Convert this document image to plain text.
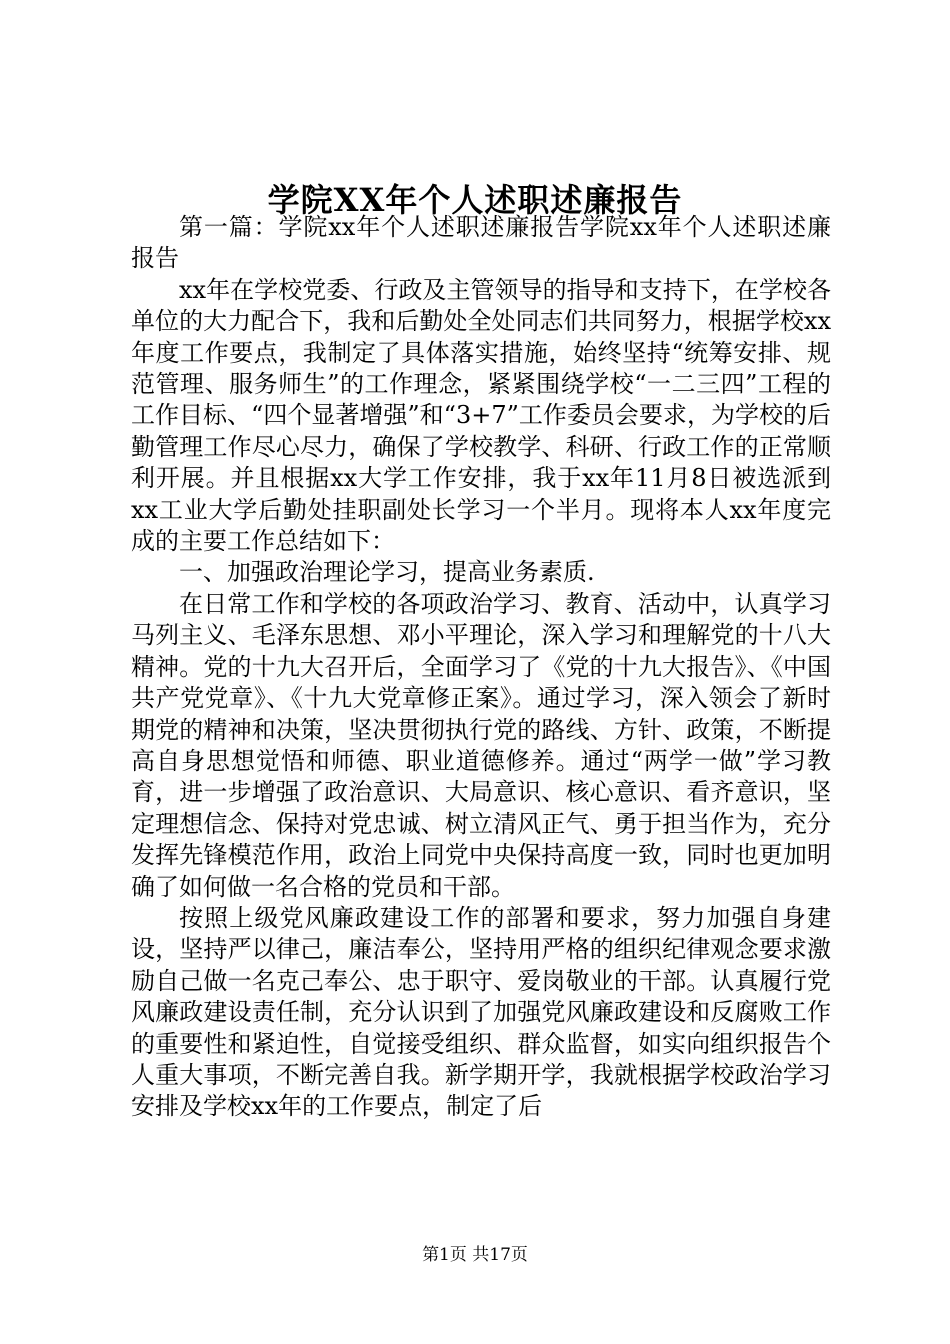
学院XX年个人述职述廉报告

第一篇：学院xx年个人述职述廉报告学院xx年个人述职述廉报告

xx年在学校党委、行政及主管领导的指导和支持下，在学校各单位的大力配合下，我和后勤处全处同志们共同努力，根据学校xx年度工作要点，我制定了具体落实措施，始终坚持“统筹安排、规范管理、服务师生”的工作理念，紧紧围绕学校“一二三四”工程的工作目标、“四个显著增强”和“3+7”工作委员会要求，为学校的后勤管理工作尽心尽力，确保了学校教学、科研、行政工作的正常顺利开展。并且根据xx大学工作安排，我于xx年11月8日被选派到xx工业大学后勤处挂职副处长学习一个半月。现将本人xx年度完成的主要工作总结如下：

一、加强政治理论学习，提高业务素质.

在日常工作和学校的各项政治学习、教育、活动中，认真学习马列主义、毛泽东思想、邓小平理论，深入学习和理解党的十八大精神。党的十九大召开后，全面学习了《党的十九大报告》、《中国共产党党章》、《十九大党章修正案》。通过学习，深入领会了新时期党的精神和决策，坚决贯彻执行党的路线、方针、政策，不断提高自身思想觉悟和师德、职业道德修养。通过“两学一做”学习教育，进一步增强了政治意识、大局意识、核心意识、看齐意识，坚定理想信念、保持对党忠诚、树立清风正气、勇于担当作为，充分发挥先锋模范作用，政治上同党中央保持高度一致，同时也更加明确了如何做一名合格的党员和干部。

按照上级党风廉政建设工作的部署和要求，努力加强自身建设，坚持严以律己，廉洁奉公，坚持用严格的组织纪律观念要求激励自己做一名克己奉公、忠于职守、爱岗敬业的干部。认真履行党风廉政建设责任制，充分认识到了加强党风廉政建设和反腐败工作的重要性和紧迫性，自觉接受组织、群众监督，如实向组织报告个人重大事项，不断完善自我。新学期开学，我就根据学校政治学习安排及学校xx年的工作要点，制定了后

第1页 共17页
